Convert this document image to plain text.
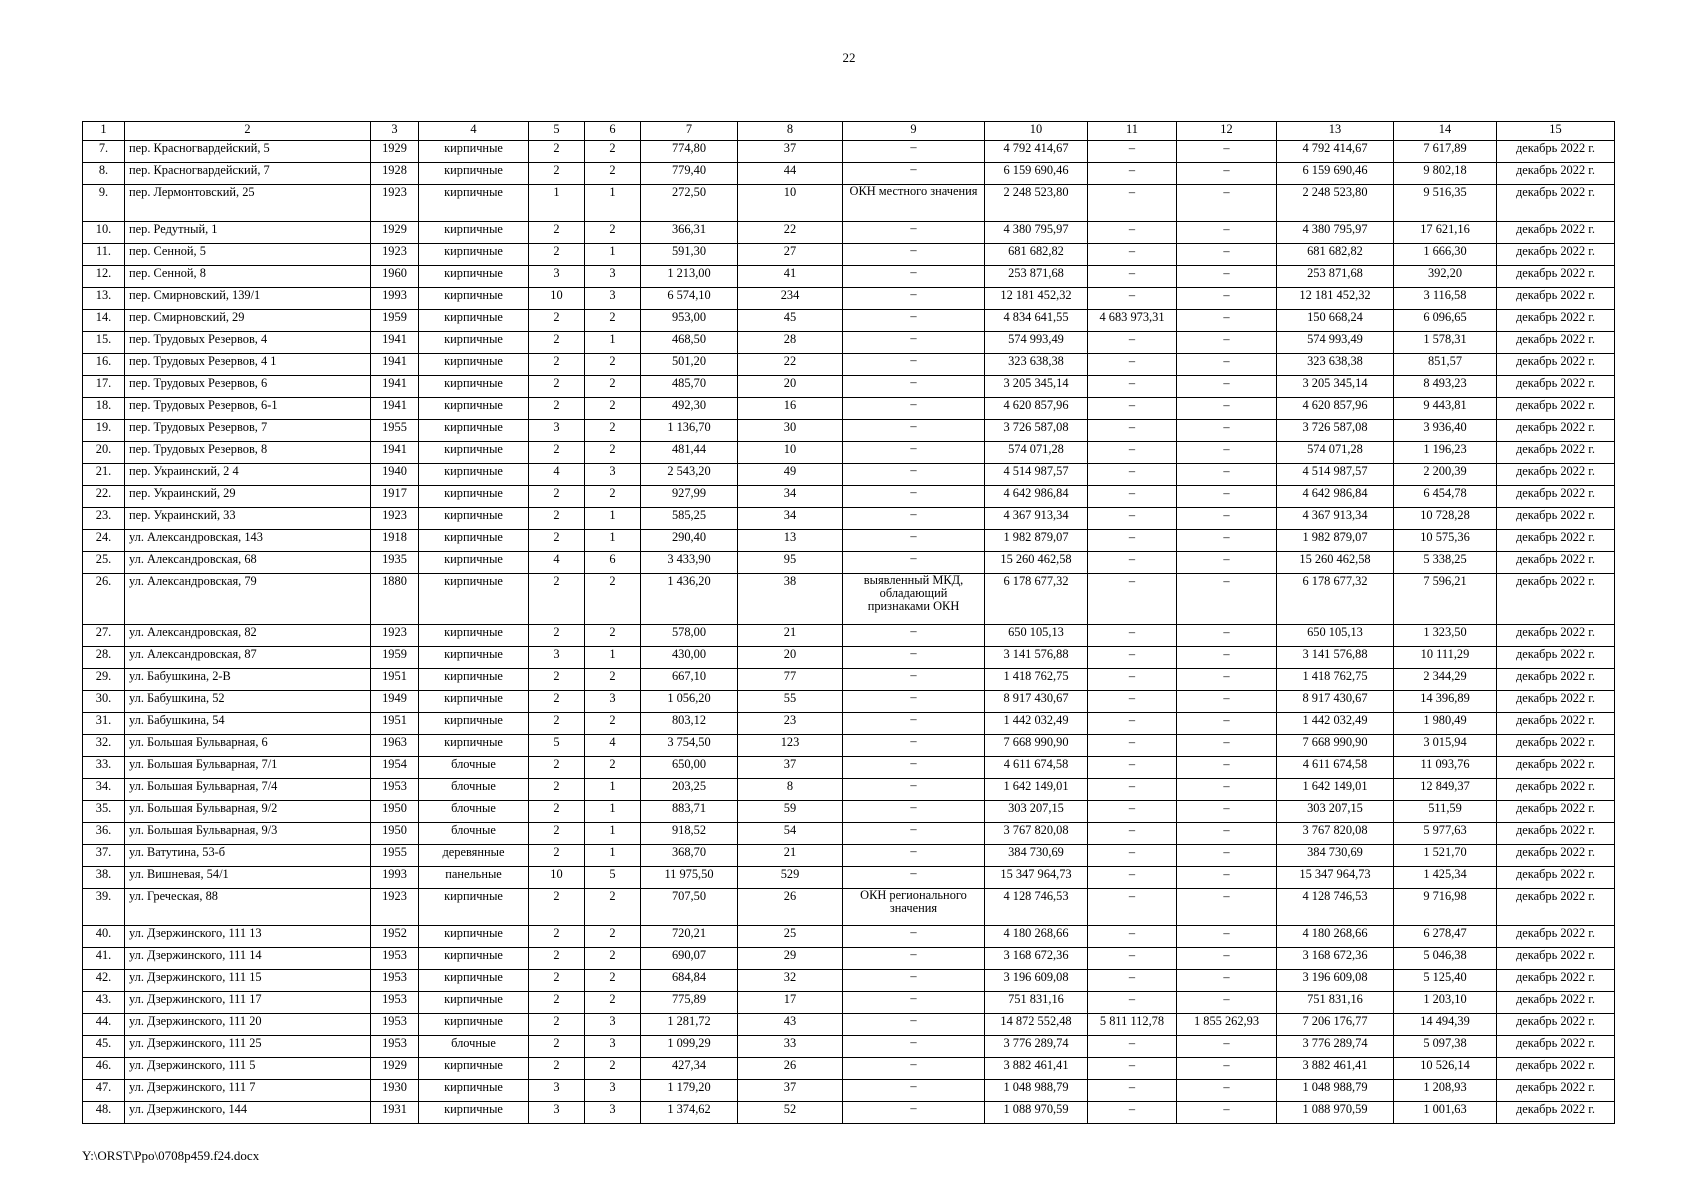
22
1	2	3	4	5	6	7	8	9	10	11	12	13	14	15
7.	пер. Красногвардейский, 5	1929	кирпичные	2	2	774,80	37	–	4 792 414,67	–	–	4 792 414,67	7 617,89	декабрь 2022 г.
8.	пер. Красногвардейский, 7	1928	кирпичные	2	2	779,40	44	–	6 159 690,46	–	–	6 159 690,46	9 802,18	декабрь 2022 г.
9.	пер. Лермонтовский, 25	1923	кирпичные	1	1	272,50	10	ОКН местного значения	2 248 523,80	–	–	2 248 523,80	9 516,35	декабрь 2022 г.
10.	пер. Редутный, 1	1929	кирпичные	2	2	366,31	22	–	4 380 795,97	–	–	4 380 795,97	17 621,16	декабрь 2022 г.
11.	пер. Сенной, 5	1923	кирпичные	2	1	591,30	27	–	681 682,82	–	–	681 682,82	1 666,30	декабрь 2022 г.
12.	пер. Сенной, 8	1960	кирпичные	3	3	1 213,00	41	–	253 871,68	–	–	253 871,68	392,20	декабрь 2022 г.
13.	пер. Смирновский, 139/1	1993	кирпичные	10	3	6 574,10	234	–	12 181 452,32	–	–	12 181 452,32	3 116,58	декабрь 2022 г.
14.	пер. Смирновский, 29	1959	кирпичные	2	2	953,00	45	–	4 834 641,55	4 683 973,31	–	150 668,24	6 096,65	декабрь 2022 г.
15.	пер. Трудовых Резервов, 4	1941	кирпичные	2	1	468,50	28	–	574 993,49	–	–	574 993,49	1 578,31	декабрь 2022 г.
16.	пер. Трудовых Резервов, 4 1	1941	кирпичные	2	2	501,20	22	–	323 638,38	–	–	323 638,38	851,57	декабрь 2022 г.
17.	пер. Трудовых Резервов, 6	1941	кирпичные	2	2	485,70	20	–	3 205 345,14	–	–	3 205 345,14	8 493,23	декабрь 2022 г.
18.	пер. Трудовых Резервов, 6-1	1941	кирпичные	2	2	492,30	16	–	4 620 857,96	–	–	4 620 857,96	9 443,81	декабрь 2022 г.
19.	пер. Трудовых Резервов, 7	1955	кирпичные	3	2	1 136,70	30	–	3 726 587,08	–	–	3 726 587,08	3 936,40	декабрь 2022 г.
20.	пер. Трудовых Резервов, 8	1941	кирпичные	2	2	481,44	10	–	574 071,28	–	–	574 071,28	1 196,23	декабрь 2022 г.
21.	пер. Украинский, 2 4	1940	кирпичные	4	3	2 543,20	49	–	4 514 987,57	–	–	4 514 987,57	2 200,39	декабрь 2022 г.
22.	пер. Украинский, 29	1917	кирпичные	2	2	927,99	34	–	4 642 986,84	–	–	4 642 986,84	6 454,78	декабрь 2022 г.
23.	пер. Украинский, 33	1923	кирпичные	2	1	585,25	34	–	4 367 913,34	–	–	4 367 913,34	10 728,28	декабрь 2022 г.
24.	ул. Александровская, 143	1918	кирпичные	2	1	290,40	13	–	1 982 879,07	–	–	1 982 879,07	10 575,36	декабрь 2022 г.
25.	ул. Александровская, 68	1935	кирпичные	4	6	3 433,90	95	–	15 260 462,58	–	–	15 260 462,58	5 338,25	декабрь 2022 г.
26.	ул. Александровская, 79	1880	кирпичные	2	2	1 436,20	38	выявленный МКД, обладающий признаками ОКН	6 178 677,32	–	–	6 178 677,32	7 596,21	декабрь 2022 г.
27.	ул. Александровская, 82	1923	кирпичные	2	2	578,00	21	–	650 105,13	–	–	650 105,13	1 323,50	декабрь 2022 г.
28.	ул. Александровская, 87	1959	кирпичные	3	1	430,00	20	–	3 141 576,88	–	–	3 141 576,88	10 111,29	декабрь 2022 г.
29.	ул. Бабушкина, 2-В	1951	кирпичные	2	2	667,10	77	–	1 418 762,75	–	–	1 418 762,75	2 344,29	декабрь 2022 г.
30.	ул. Бабушкина, 52	1949	кирпичные	2	3	1 056,20	55	–	8 917 430,67	–	–	8 917 430,67	14 396,89	декабрь 2022 г.
31.	ул. Бабушкина, 54	1951	кирпичные	2	2	803,12	23	–	1 442 032,49	–	–	1 442 032,49	1 980,49	декабрь 2022 г.
32.	ул. Большая Бульварная, 6	1963	кирпичные	5	4	3 754,50	123	–	7 668 990,90	–	–	7 668 990,90	3 015,94	декабрь 2022 г.
33.	ул. Большая Бульварная, 7/1	1954	блочные	2	2	650,00	37	–	4 611 674,58	–	–	4 611 674,58	11 093,76	декабрь 2022 г.
34.	ул. Большая Бульварная, 7/4	1953	блочные	2	1	203,25	8	–	1 642 149,01	–	–	1 642 149,01	12 849,37	декабрь 2022 г.
35.	ул. Большая Бульварная, 9/2	1950	блочные	2	1	883,71	59	–	303 207,15	–	–	303 207,15	511,59	декабрь 2022 г.
36.	ул. Большая Бульварная, 9/3	1950	блочные	2	1	918,52	54	–	3 767 820,08	–	–	3 767 820,08	5 977,63	декабрь 2022 г.
37.	ул. Ватутина, 53-б	1955	деревянные	2	1	368,70	21	–	384 730,69	–	–	384 730,69	1 521,70	декабрь 2022 г.
38.	ул. Вишневая, 54/1	1993	панельные	10	5	11 975,50	529	–	15 347 964,73	–	–	15 347 964,73	1 425,34	декабрь 2022 г.
39.	ул. Греческая, 88	1923	кирпичные	2	2	707,50	26	ОКН регионального значения	4 128 746,53	–	–	4 128 746,53	9 716,98	декабрь 2022 г.
40.	ул. Дзержинского, 111 13	1952	кирпичные	2	2	720,21	25	–	4 180 268,66	–	–	4 180 268,66	6 278,47	декабрь 2022 г.
41.	ул. Дзержинского, 111 14	1953	кирпичные	2	2	690,07	29	–	3 168 672,36	–	–	3 168 672,36	5 046,38	декабрь 2022 г.
42.	ул. Дзержинского, 111 15	1953	кирпичные	2	2	684,84	32	–	3 196 609,08	–	–	3 196 609,08	5 125,40	декабрь 2022 г.
43.	ул. Дзержинского, 111 17	1953	кирпичные	2	2	775,89	17	–	751 831,16	–	–	751 831,16	1 203,10	декабрь 2022 г.
44.	ул. Дзержинского, 111 20	1953	кирпичные	2	3	1 281,72	43	–	14 872 552,48	5 811 112,78	1 855 262,93	7 206 176,77	14 494,39	декабрь 2022 г.
45.	ул. Дзержинского, 111 25	1953	блочные	2	3	1 099,29	33	–	3 776 289,74	–	–	3 776 289,74	5 097,38	декабрь 2022 г.
46.	ул. Дзержинского, 111 5	1929	кирпичные	2	2	427,34	26	–	3 882 461,41	–	–	3 882 461,41	10 526,14	декабрь 2022 г.
47.	ул. Дзержинского, 111 7	1930	кирпичные	3	3	1 179,20	37	–	1 048 988,79	–	–	1 048 988,79	1 208,93	декабрь 2022 г.
48.	ул. Дзержинского, 144	1931	кирпичные	3	3	1 374,62	52	–	1 088 970,59	–	–	1 088 970,59	1 001,63	декабрь 2022 г.
Y:\ORST\Ppo\0708p459.f24.docx
